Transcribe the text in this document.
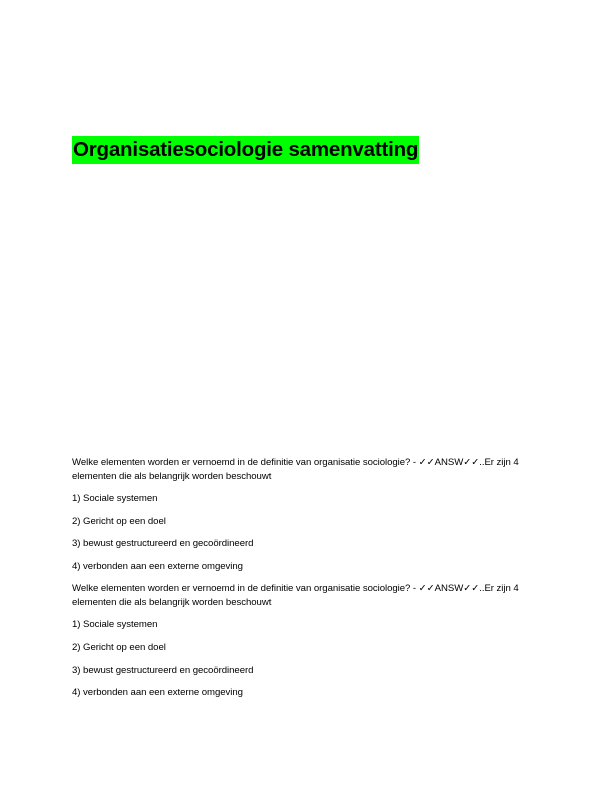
Organisatiesociologie samenvatting

Welke elementen worden er vernoemd in de definitie van organisatie sociologie? - ✓✓ANSW✓✓..Er zijn 4 elementen die als belangrijk worden beschouwt

1) Sociale systemen

2) Gericht op een doel

3) bewust gestructureerd en gecoördineerd

4) verbonden aan een externe omgeving

Welke elementen worden er vernoemd in de definitie van organisatie sociologie? - ✓✓ANSW✓✓..Er zijn 4 elementen die als belangrijk worden beschouwt

1) Sociale systemen

2) Gericht op een doel

3) bewust gestructureerd en gecoördineerd

4) verbonden aan een externe omgeving
